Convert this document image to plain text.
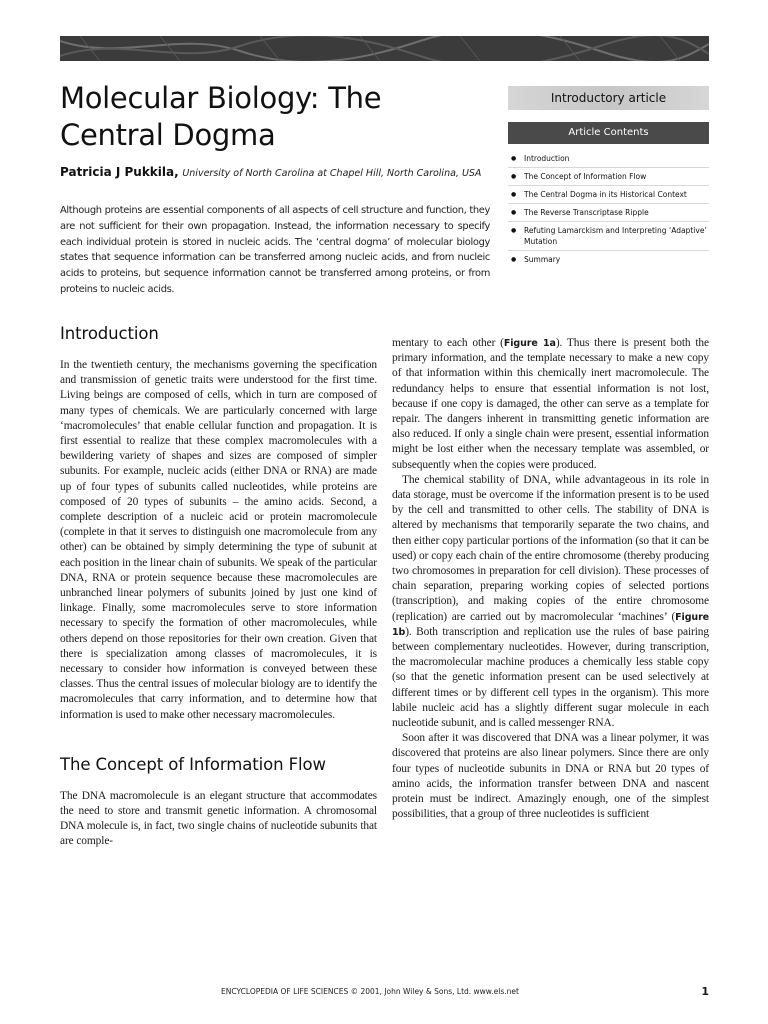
Molecular Biology: The Central Dogma
Patricia J Pukkila, University of North Carolina at Chapel Hill, North Carolina, USA

Although proteins are essential components of all aspects of cell structure and function, they are not sufficient for their own propagation. Instead, the information necessary to specify each individual protein is stored in nucleic acids. The ‘central dogma’ of molecular biology states that sequence information can be transferred among nucleic acids, and from nucleic acids to proteins, but sequence information cannot be transferred among proteins, or from proteins to nucleic acids.

Introductory article
Article Contents
● Introduction
● The Concept of Information Flow
● The Central Dogma in its Historical Context
● The Reverse Transcriptase Ripple
● Refuting Lamarckism and Interpreting ‘Adaptive’ Mutation
● Summary
Introduction

In the twentieth century, the mechanisms governing the specification and transmission of genetic traits were understood for the first time. Living beings are composed of cells, which in turn are composed of many types of chemicals. We are particularly concerned with large ‘macromolecules’ that enable cellular function and propagation. It is first essential to realize that these complex macromolecules with a bewildering variety of shapes and sizes are composed of simpler subunits. For example, nucleic acids (either DNA or RNA) are made up of four types of subunits called nucleotides, while proteins are composed of 20 types of subunits – the amino acids. Second, a complete description of a nucleic acid or protein macromolecule (complete in that it serves to distinguish one macromolecule from any other) can be obtained by simply determining the type of subunit at each position in the linear chain of subunits. We speak of the particular DNA, RNA or protein sequence because these macromolecules are unbranched linear polymers of subunits joined by just one kind of linkage. Finally, some macromolecules serve to store information necessary to specify the formation of other macromolecules, while others depend on those repositories for their own creation. Given that there is specialization among classes of macromolecules, it is necessary to consider how information is conveyed between these classes. Thus the central issues of molecular biology are to identify the macromolecules that carry information, and to determine how that information is used to make other necessary macromolecules.

The Concept of Information Flow

The DNA macromolecule is an elegant structure that accommodates the need to store and transmit genetic information. A chromosomal DNA molecule is, in fact, two single chains of nucleotide subunits that are comple-

mentary to each other (Figure 1a). Thus there is present both the primary information, and the template necessary to make a new copy of that information within this chemically inert macromolecule. The redundancy helps to ensure that essential information is not lost, because if one copy is damaged, the other can serve as a template for repair. The dangers inherent in transmitting genetic information are also reduced. If only a single chain were present, essential information might be lost either when the necessary template was assembled, or subsequently when the copies were produced.

The chemical stability of DNA, while advantageous in its role in data storage, must be overcome if the information present is to be used by the cell and transmitted to other cells. The stability of DNA is altered by mechanisms that temporarily separate the two chains, and then either copy particular portions of the information (so that it can be used) or copy each chain of the entire chromosome (thereby producing two chromosomes in preparation for cell division). These processes of chain separation, preparing working copies of selected portions (transcription), and making copies of the entire chromosome (replication) are carried out by macromolecular ‘machines’ (Figure 1b). Both transcription and replication use the rules of base pairing between complementary nucleotides. However, during transcription, the macromolecular machine produces a chemically less stable copy (so that the genetic information present can be used selectively at different times or by different cell types in the organism). This more labile nucleic acid has a slightly different sugar molecule in each nucleotide subunit, and is called messenger RNA.

Soon after it was discovered that DNA was a linear polymer, it was discovered that proteins are also linear polymers. Since there are only four types of nucleotide subunits in DNA or RNA but 20 types of amino acids, the information transfer between DNA and nascent protein must be indirect. Amazingly enough, one of the simplest possibilities, that a group of three nucleotides is sufficient

ENCYCLOPEDIA OF LIFE SCIENCES © 2001, John Wiley & Sons, Ltd. www.els.net	1
